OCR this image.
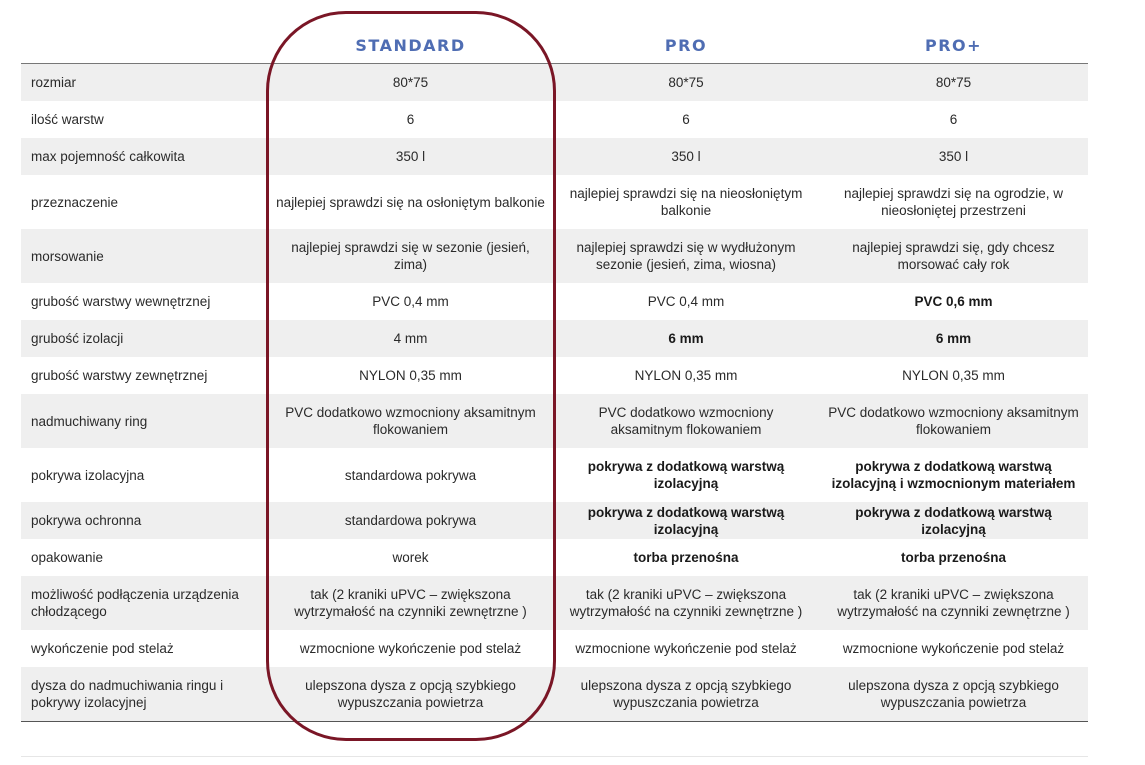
	STANDARD	PRO	PRO+
rozmiar	80*75	80*75	80*75
ilość warstw	6	6	6
max pojemność całkowita	350 l	350 l	350 l
przeznaczenie	najlepiej sprawdzi się na osłoniętym balkonie	najlepiej sprawdzi się na nieosłoniętym balkonie	najlepiej sprawdzi się na ogrodzie, w nieosłoniętej przestrzeni
morsowanie	najlepiej sprawdzi się w sezonie (jesień, zima)	najlepiej sprawdzi się w wydłużonym sezonie (jesień, zima, wiosna)	najlepiej sprawdzi się, gdy chcesz morsować cały rok
grubość warstwy wewnętrznej	PVC 0,4 mm	PVC 0,4 mm	PVC 0,6 mm
grubość izolacji	4 mm	6 mm	6 mm
grubość warstwy zewnętrznej	NYLON 0,35 mm	NYLON 0,35 mm	NYLON 0,35 mm
nadmuchiwany ring	PVC dodatkowo wzmocniony aksamitnym flokowaniem	PVC dodatkowo wzmocniony aksamitnym flokowaniem	PVC dodatkowo wzmocniony aksamitnym flokowaniem
pokrywa izolacyjna	standardowa pokrywa	pokrywa z dodatkową warstwą izolacyjną	pokrywa z dodatkową warstwą izolacyjną i wzmocnionym materiałem
pokrywa ochronna	standardowa pokrywa	pokrywa z dodatkową warstwą izolacyjną	pokrywa z dodatkową warstwą izolacyjną
opakowanie	worek	torba przenośna	torba przenośna
możliwość podłączenia urządzenia chłodzącego	tak (2 kraniki uPVC – zwiększona wytrzymałość na czynniki zewnętrzne )	tak (2 kraniki uPVC – zwiększona wytrzymałość na czynniki zewnętrzne )	tak (2 kraniki uPVC – zwiększona wytrzymałość na czynniki zewnętrzne )
wykończenie pod stelaż	wzmocnione wykończenie pod stelaż	wzmocnione wykończenie pod stelaż	wzmocnione wykończenie pod stelaż
dysza do nadmuchiwania ringu i pokrywy izolacyjnej	ulepszona dysza z opcją szybkiego wypuszczania powietrza	ulepszona dysza z opcją szybkiego wypuszczania powietrza	ulepszona dysza z opcją szybkiego wypuszczania powietrza
